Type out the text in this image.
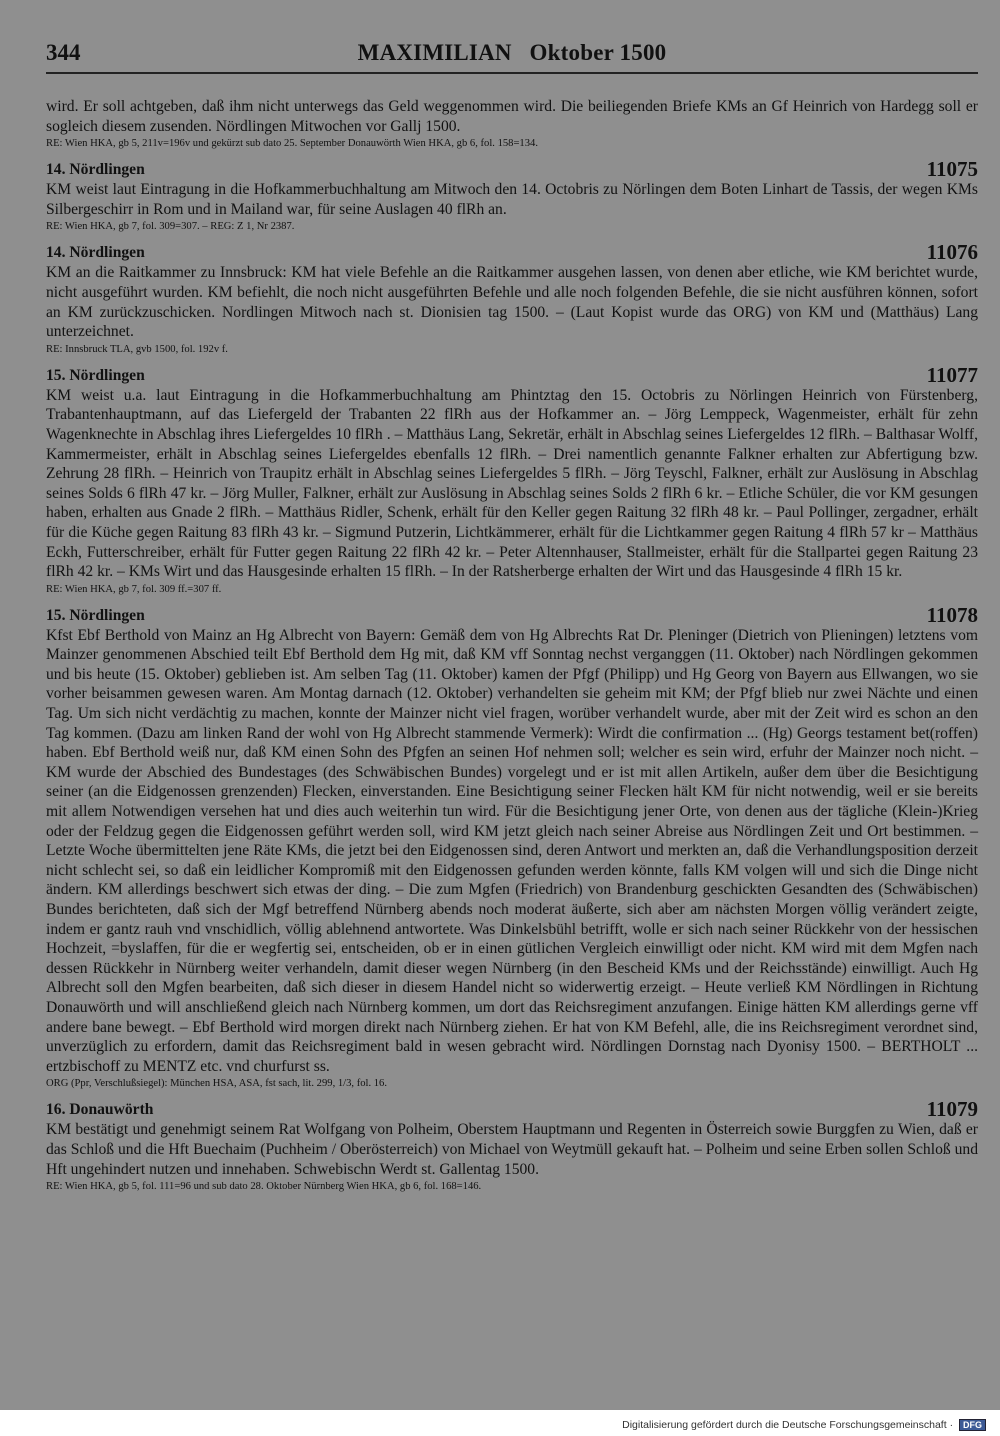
344	MAXIMILIAN   Oktober 1500
wird. Er soll achtgeben, daß ihm nicht unterwegs das Geld weggenommen wird. Die beiliegenden Briefe KMs an Gf Heinrich von Hardegg soll er sogleich diesem zusenden. Nördlingen Mitwochen vor Gallj 1500.
RE: Wien HKA, gb 5, 211v=196v und gekürzt sub dato 25. September Donauwörth Wien HKA, gb 6, fol. 158=134.
14. Nördlingen	11075
KM weist laut Eintragung in die Hofkammerbuchhaltung am Mitwoch den 14. Octobris zu Nörlingen dem Boten Linhart de Tassis, der wegen KMs Silbergeschirr in Rom und in Mailand war, für seine Auslagen 40 flRh an.
RE: Wien HKA, gb 7, fol. 309=307. – REG: Z 1, Nr 2387.
14. Nördlingen	11076
KM an die Raitkammer zu Innsbruck: KM hat viele Befehle an die Raitkammer ausgehen lassen, von denen aber etliche, wie KM berichtet wurde, nicht ausgeführt wurden. KM befiehlt, die noch nicht ausgeführten Befehle und alle noch folgenden Befehle, die sie nicht ausführen können, sofort an KM zurückzuschicken. Nordlingen Mitwoch nach st. Dionisien tag 1500. – (Laut Kopist wurde das ORG) von KM und (Matthäus) Lang unterzeichnet.
RE: Innsbruck TLA, gvb 1500, fol. 192v f.
15. Nördlingen	11077
KM weist u.a. laut Eintragung in die Hofkammerbuchhaltung am Phintztag den 15. Octobris zu Nörlingen Heinrich von Fürstenberg, Trabantenhauptmann, auf das Liefergeld der Trabanten 22 flRh aus der Hofkammer an. – Jörg Lemppeck, Wagenmeister, erhält für zehn Wagenknechte in Abschlag ihres Liefergeldes 10 flRh . – Matthäus Lang, Sekretär, erhält in Abschlag seines Liefergeldes 12 flRh. – Balthasar Wolff, Kammermeister, erhält in Abschlag seines Liefergeldes ebenfalls 12 flRh. – Drei namentlich genannte Falkner erhalten zur Abfertigung bzw. Zehrung 28 flRh. – Heinrich von Traupitz erhält in Abschlag seines Liefergeldes 5 flRh. – Jörg Teyschl, Falkner, erhält zur Auslösung in Abschlag seines Solds 6 flRh 47 kr. – Jörg Muller, Falkner, erhält zur Auslösung in Abschlag seines Solds 2 flRh 6 kr. – Etliche Schüler, die vor KM gesungen haben, erhalten aus Gnade 2 flRh. – Matthäus Ridler, Schenk, erhält für den Keller gegen Raitung 32 flRh 48 kr. – Paul Pollinger, zergadner, erhält für die Küche gegen Raitung 83 flRh 43 kr. – Sigmund Putzerin, Lichtkämmerer, erhält für die Lichtkammer gegen Raitung 4 flRh 57 kr – Matthäus Eckh, Futterschreiber, erhält für Futter gegen Raitung 22 flRh 42 kr. – Peter Altennhauser, Stallmeister, erhält für die Stallpartei gegen Raitung 23 flRh 42 kr. – KMs Wirt und das Hausgesinde erhalten 15 flRh. – In der Ratsherberge erhalten der Wirt und das Hausgesinde 4 flRh 15 kr.
RE: Wien HKA, gb 7, fol. 309 ff.=307 ff.
15. Nördlingen	11078
Kfst Ebf Berthold von Mainz an Hg Albrecht von Bayern: Gemäß dem von Hg Albrechts Rat Dr. Pleninger (Dietrich von Plieningen) letztens vom Mainzer genommenen Abschied teilt Ebf Berthold dem Hg mit, daß KM vff Sonntag nechst verganggen (11. Oktober) nach Nördlingen gekommen und bis heute (15. Oktober) geblieben ist. Am selben Tag (11. Oktober) kamen der Pfgf (Philipp) und Hg Georg von Bayern aus Ellwangen, wo sie vorher beisammen gewesen waren. Am Montag darnach (12. Oktober) verhandelten sie geheim mit KM; der Pfgf blieb nur zwei Nächte und einen Tag. Um sich nicht verdächtig zu machen, konnte der Mainzer nicht viel fragen, worüber verhandelt wurde, aber mit der Zeit wird es schon an den Tag kommen. (Dazu am linken Rand der wohl von Hg Albrecht stammende Vermerk): Wirdt die confirmation ... (Hg) Georgs testament bet(roffen) haben. Ebf Berthold weiß nur, daß KM einen Sohn des Pfgfen an seinen Hof nehmen soll; welcher es sein wird, erfuhr der Mainzer noch nicht. – KM wurde der Abschied des Bundestages (des Schwäbischen Bundes) vorgelegt und er ist mit allen Artikeln, außer dem über die Besichtigung seiner (an die Eidgenossen grenzenden) Flecken, einverstanden. Eine Besichtigung seiner Flecken hält KM für nicht notwendig, weil er sie bereits mit allem Notwendigen versehen hat und dies auch weiterhin tun wird. Für die Besichtigung jener Orte, von denen aus der tägliche (Klein-)Krieg oder der Feldzug gegen die Eidgenossen geführt werden soll, wird KM jetzt gleich nach seiner Abreise aus Nördlingen Zeit und Ort bestimmen. – Letzte Woche übermittelten jene Räte KMs, die jetzt bei den Eidgenossen sind, deren Antwort und merkten an, daß die Verhandlungsposition derzeit nicht schlecht sei, so daß ein leidlicher Kompromiß mit den Eidgenossen gefunden werden könnte, falls KM volgen will und sich die Dinge nicht ändern. KM allerdings beschwert sich etwas der ding. – Die zum Mgfen (Friedrich) von Brandenburg geschickten Gesandten des (Schwäbischen) Bundes berichteten, daß sich der Mgf betreffend Nürnberg abends noch moderat äußerte, sich aber am nächsten Morgen völlig verändert zeigte, indem er gantz rauh vnd vnschidlich, völlig ablehnend antwortete. Was Dinkelsbühl betrifft, wolle er sich nach seiner Rückkehr von der hessischen Hochzeit, =byslaffen, für die er wegfertig sei, entscheiden, ob er in einen gütlichen Vergleich einwilligt oder nicht. KM wird mit dem Mgfen nach dessen Rückkehr in Nürnberg weiter verhandeln, damit dieser wegen Nürnberg (in den Bescheid KMs und der Reichsstände) einwilligt. Auch Hg Albrecht soll den Mgfen bearbeiten, daß sich dieser in diesem Handel nicht so widerwertig erzeigt. – Heute verließ KM Nördlingen in Richtung Donauwörth und will anschließend gleich nach Nürnberg kommen, um dort das Reichsregiment anzufangen. Einige hätten KM allerdings gerne vff andere bane bewegt. – Ebf Berthold wird morgen direkt nach Nürnberg ziehen. Er hat von KM Befehl, alle, die ins Reichsregiment verordnet sind, unverzüglich zu erfordern, damit das Reichsregiment bald in wesen gebracht wird. Nördlingen Dornstag nach Dyonisy 1500. – BERTHOLT ... ertzbischoff zu MENTZ etc. vnd churfurst ss.
ORG (Ppr, Verschlußsiegel): München HSA, ASA, fst sach, lit. 299, 1/3, fol. 16.
16. Donauwörth	11079
KM bestätigt und genehmigt seinem Rat Wolfgang von Polheim, Oberstem Hauptmann und Regenten in Österreich sowie Burggfen zu Wien, daß er das Schloß und die Hft Buechaim (Puchheim / Oberösterreich) von Michael von Weytmüll gekauft hat. – Polheim und seine Erben sollen Schloß und Hft ungehindert nutzen und innehaben. Schwebischn Werdt st. Gallentag 1500.
RE: Wien HKA, gb 5, fol. 111=96 und sub dato 28. Oktober Nürnberg Wien HKA, gb 6, fol. 168=146.
Digitalisierung gefördert durch die Deutsche Forschungsgemeinschaft · DFG
